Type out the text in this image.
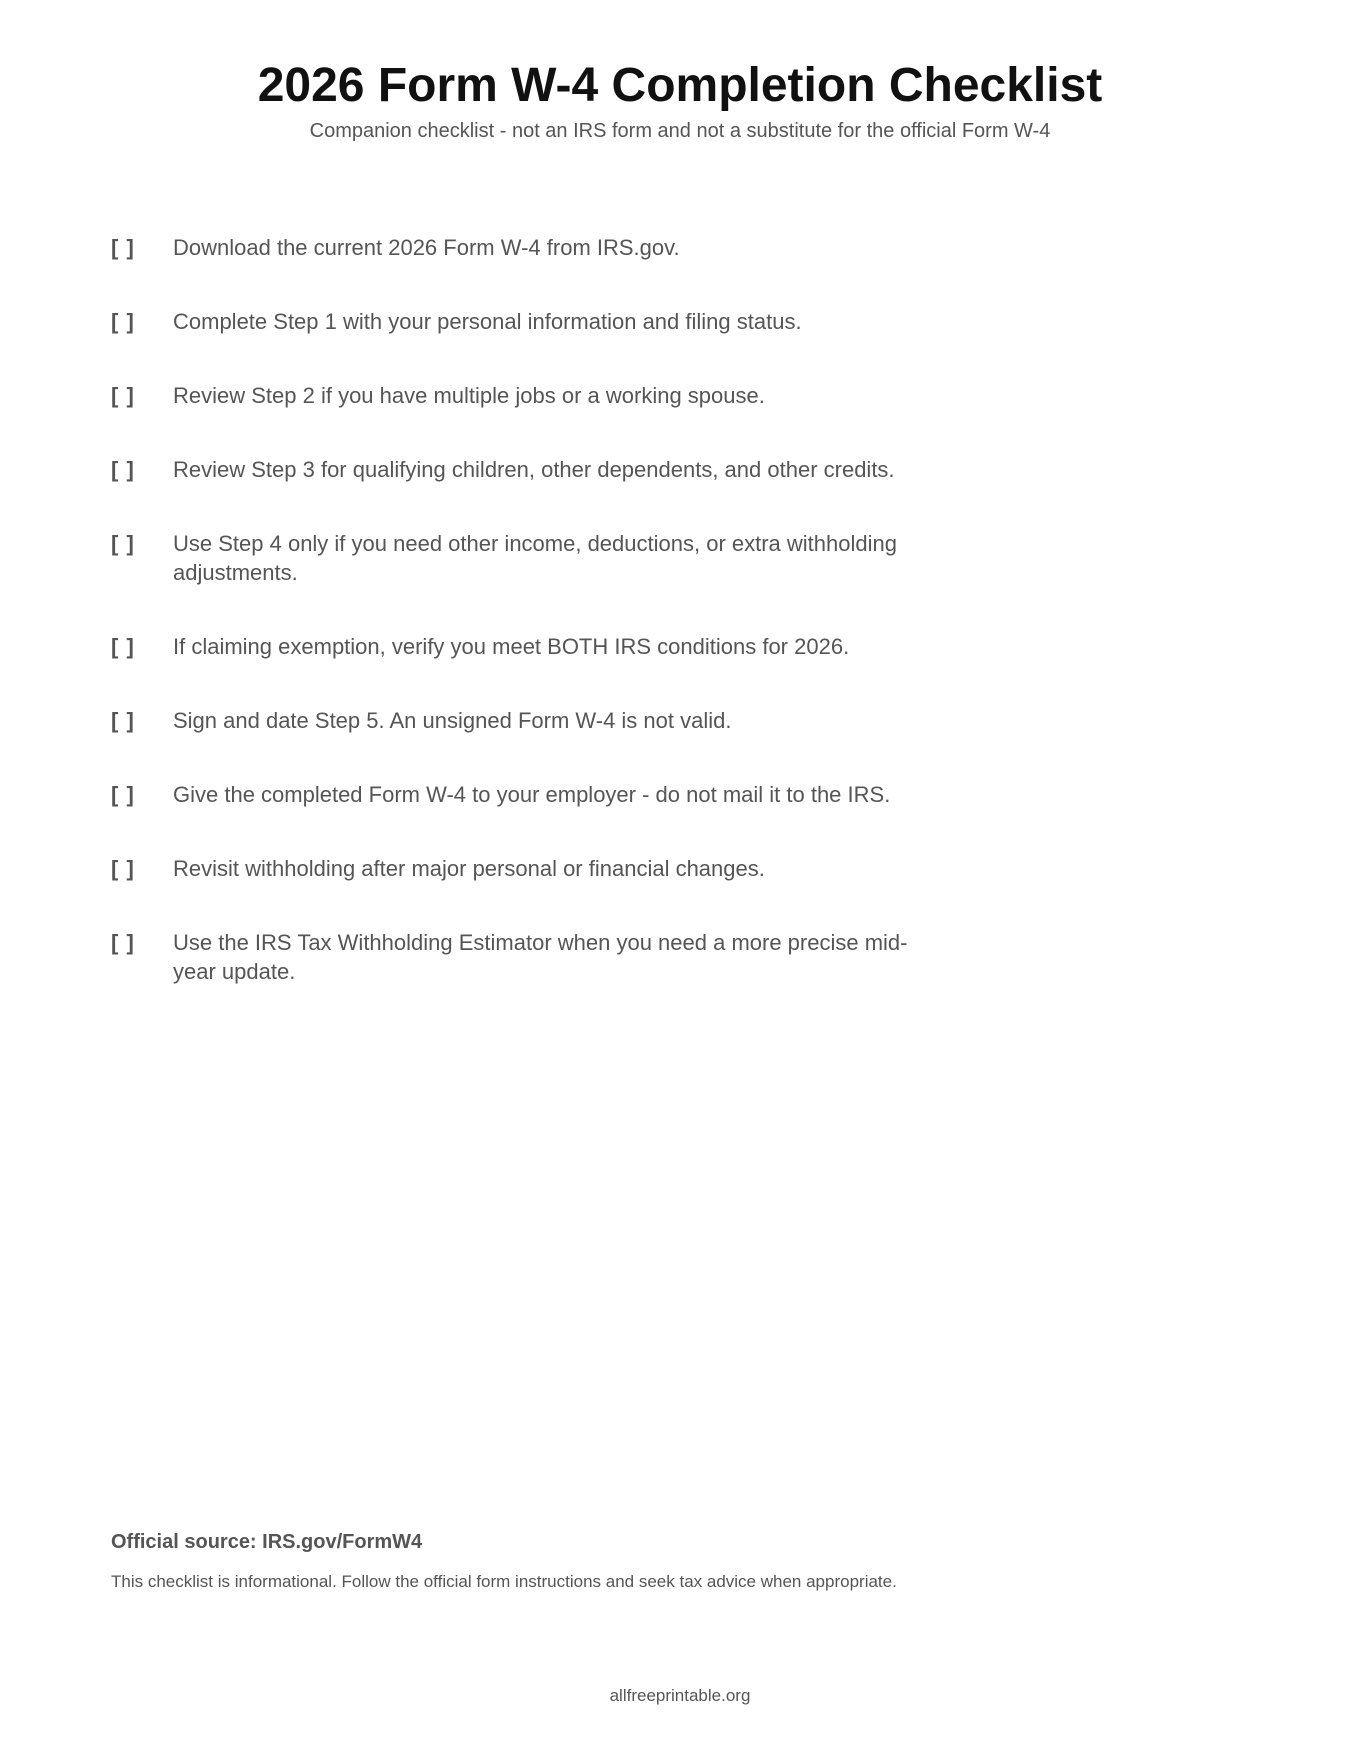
2026 Form W-4 Completion Checklist
Companion checklist - not an IRS form and not a substitute for the official Form W-4
[ ]	Download the current 2026 Form W-4 from IRS.gov.
[ ]	Complete Step 1 with your personal information and filing status.
[ ]	Review Step 2 if you have multiple jobs or a working spouse.
[ ]	Review Step 3 for qualifying children, other dependents, and other credits.
[ ]	Use Step 4 only if you need other income, deductions, or extra withholding adjustments.
[ ]	If claiming exemption, verify you meet BOTH IRS conditions for 2026.
[ ]	Sign and date Step 5. An unsigned Form W-4 is not valid.
[ ]	Give the completed Form W-4 to your employer - do not mail it to the IRS.
[ ]	Revisit withholding after major personal or financial changes.
[ ]	Use the IRS Tax Withholding Estimator when you need a more precise mid-year update.
Official source: IRS.gov/FormW4
This checklist is informational. Follow the official form instructions and seek tax advice when appropriate.
allfreeprintable.org
